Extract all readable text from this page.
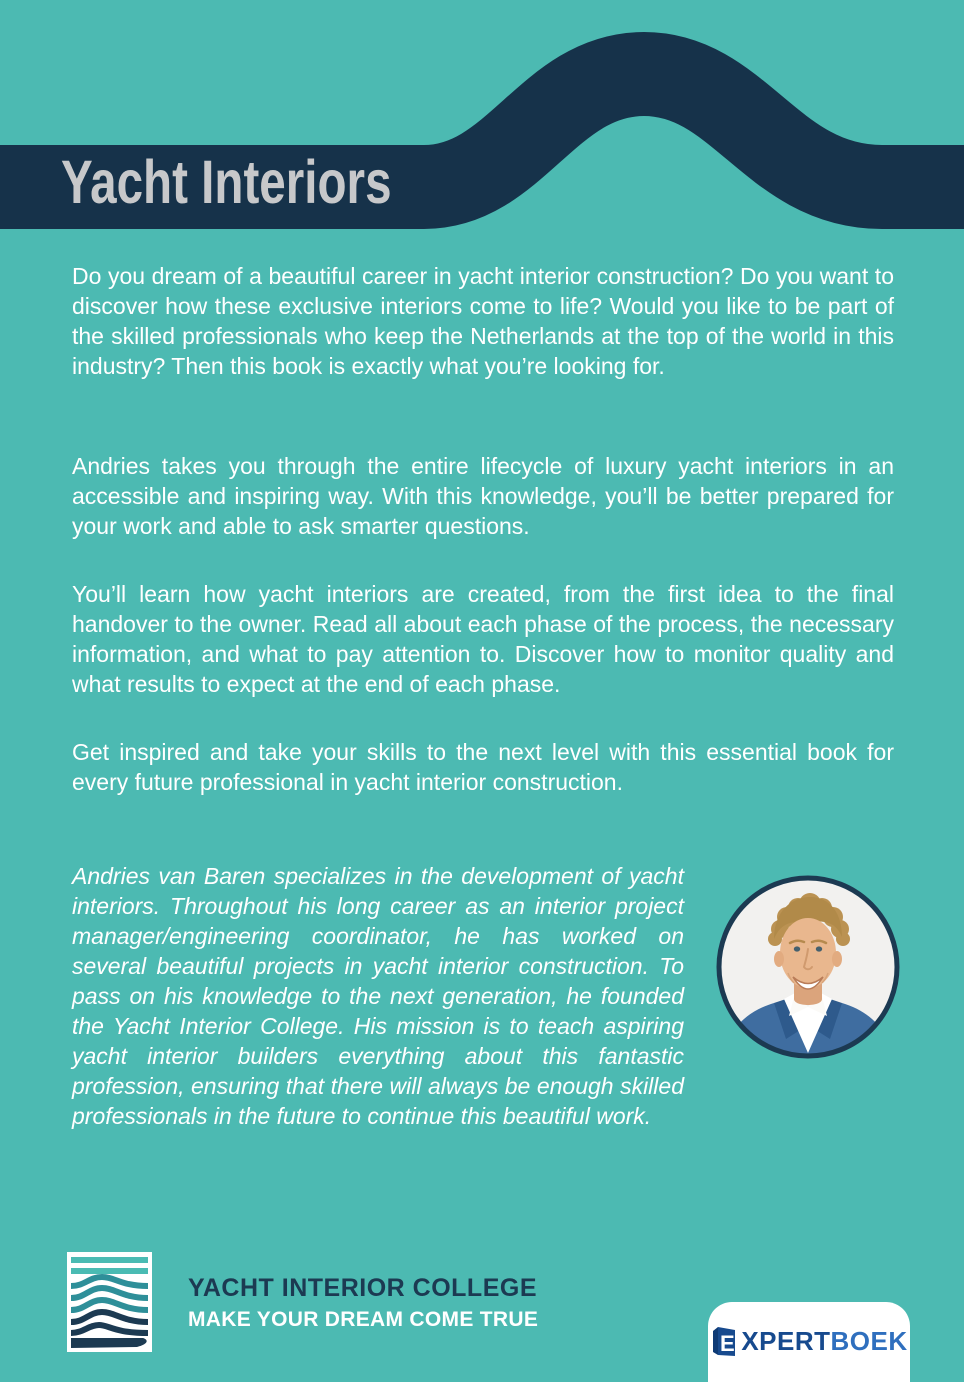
Yacht Interiors

Do you dream of a beautiful career in yacht interior construction? Do you want to discover how these exclusive interiors come to life? Would you like to be part of the skilled professionals who keep the Netherlands at the top of the world in this industry? Then this book is exactly what you’re looking for.

Andries takes you through the entire lifecycle of luxury yacht interiors in an accessible and inspiring way. With this knowledge, you’ll be better prepared for your work and able to ask smarter questions.

You’ll learn how yacht interiors are created, from the first idea to the final handover to the owner. Read all about each phase of the process, the necessary information, and what to pay attention to. Discover how to monitor quality and what results to expect at the end of each phase.

Get inspired and take your skills to the next level with this essential book for every future professional in yacht interior construction.

Andries van Baren specializes in the development of yacht interiors. Throughout his long career as an interior project manager/engineering coordinator, he has worked on several beautiful projects in yacht interior construction. To pass on his knowledge to the next generation, he founded the Yacht Interior College. His mission is to teach aspiring yacht interior builders everything about this fantastic profession, ensuring that there will always be enough skilled professionals in the future to continue this beautiful work.

YACHT INTERIOR COLLEGE
MAKE YOUR DREAM COME TRUE
E XPERT BOEK
